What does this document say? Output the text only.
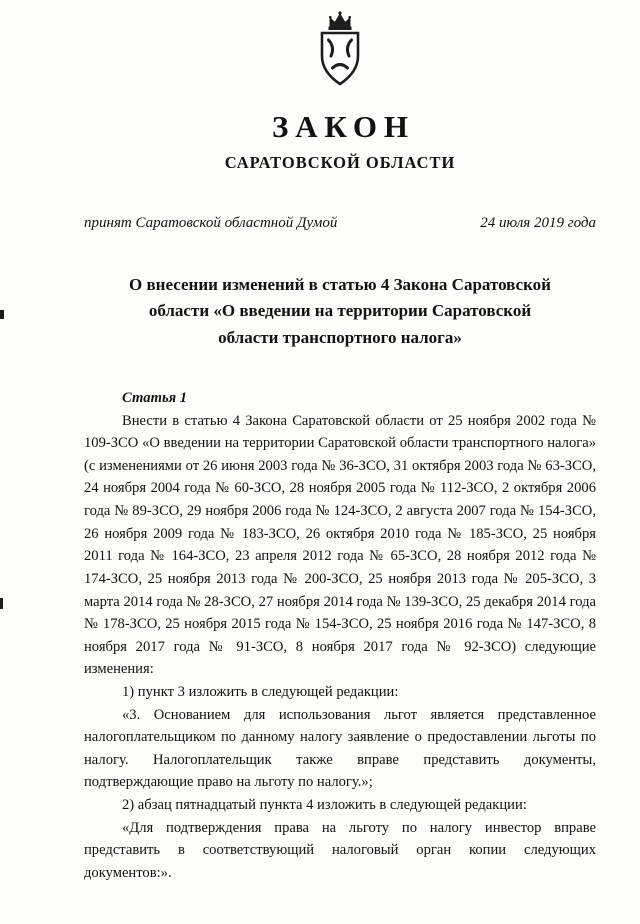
ЗАКОН
САРАТОВСКОЙ ОБЛАСТИ
принят Саратовской областной Думой	24 июля 2019 года
О внесении изменений в статью 4 Закона Саратовской области «О введении на территории Саратовской области транспортного налога»

Статья 1

Внести в статью 4 Закона Саратовской области от 25 ноября 2002 года № 109-ЗСО «О введении на территории Саратовской области транспортного налога» (с изменениями от 26 июня 2003 года № 36-ЗСО, 31 октября 2003 года № 63-ЗСО, 24 ноября 2004 года № 60-ЗСО, 28 ноября 2005 года № 112-ЗСО, 2 октября 2006 года № 89-ЗСО, 29 ноября 2006 года № 124-ЗСО, 2 августа 2007 года № 154-ЗСО, 26 ноября 2009 года № 183-ЗСО, 26 октября 2010 года № 185-ЗСО, 25 ноября 2011 года № 164-ЗСО, 23 апреля 2012 года № 65-ЗСО, 28 ноября 2012 года № 174-ЗСО, 25 ноября 2013 года № 200-ЗСО, 25 ноября 2013 года № 205-ЗСО, 3 марта 2014 года № 28-ЗСО, 27 ноября 2014 года № 139-ЗСО, 25 декабря 2014 года № 178-ЗСО, 25 ноября 2015 года № 154-ЗСО, 25 ноября 2016 года № 147-ЗСО, 8 ноября 2017 года № 91-ЗСО, 8 ноября 2017 года № 92-ЗСО) следующие изменения:

1) пункт 3 изложить в следующей редакции:

«3. Основанием для использования льгот является представленное налогоплательщиком по данному налогу заявление о предоставлении льготы по налогу. Налогоплательщик также вправе представить документы, подтверждающие право на льготу по налогу.»;

2) абзац пятнадцатый пункта 4 изложить в следующей редакции:

«Для подтверждения права на льготу по налогу инвестор вправе представить в соответствующий налоговый орган копии следующих документов:».
